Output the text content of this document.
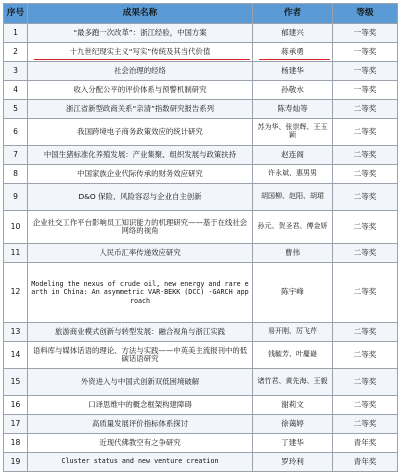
序号	成果名称	作者	等级
1	“最多跑一次改革”：浙江经验，中国方案	郁建兴	一等奖
2	十九世纪现实主义“写实”传统及其当代价值	蒋承勇	一等奖
3	社会治理的经络	杨建华	一等奖
4	收入分配公平的评价体系与预警机制研究	孙敬水	一等奖
5	浙江省新型政商关系“亲清”指数研究报告系列	陈寿灿等	二等奖
6	我国跨境电子商务政策效应的统计研究	苏为华、张崇辉、王玉颖	二等奖
7	中国生猪标准化养殖发展：产业集聚、组织发展与政策扶持	赵连阁	二等奖
8	中国家族企业代际传承的财务效应研究	许永斌、惠男男	二等奖
9	D&O 保险、风险容忍与企业自主创新	胡国柳、赵阳、胡珺	二等奖
10	企业社交工作平台影响员工知识能力的机理研究——基于在线社会网络的视角	孙元、贺圣君、傅金妍	二等奖
11	人民币汇率传递效应研究	曹伟	二等奖
12	Modeling the nexus of crude oil, new energy and rare earth in China: An asymmetric VAR-BEKK (DCC) -GARCH approach	陈宇峰	二等奖
13	旅游商业模式创新与转型发展：融合视角与浙江实践	易开刚、厉飞芹	二等奖
14	语料库与媒体话语的理论、方法与实践——中英美主流报刊中的低碳话语研究	钱毓芳、叶慶嶷	二等奖
15	外资进入与中国式创新双低困境破解	诸竹君、黄先海、王毅	二等奖
16	口译思维中的概念框架构建障碍	谢莉文	二等奖
17	高质量发展评价指标体系探讨	徐蔼婷	二等奖
18	近现代佛教空有之争研究	丁建华	青年奖
19	Cluster status and new venture creation	罗玲利	青年奖
